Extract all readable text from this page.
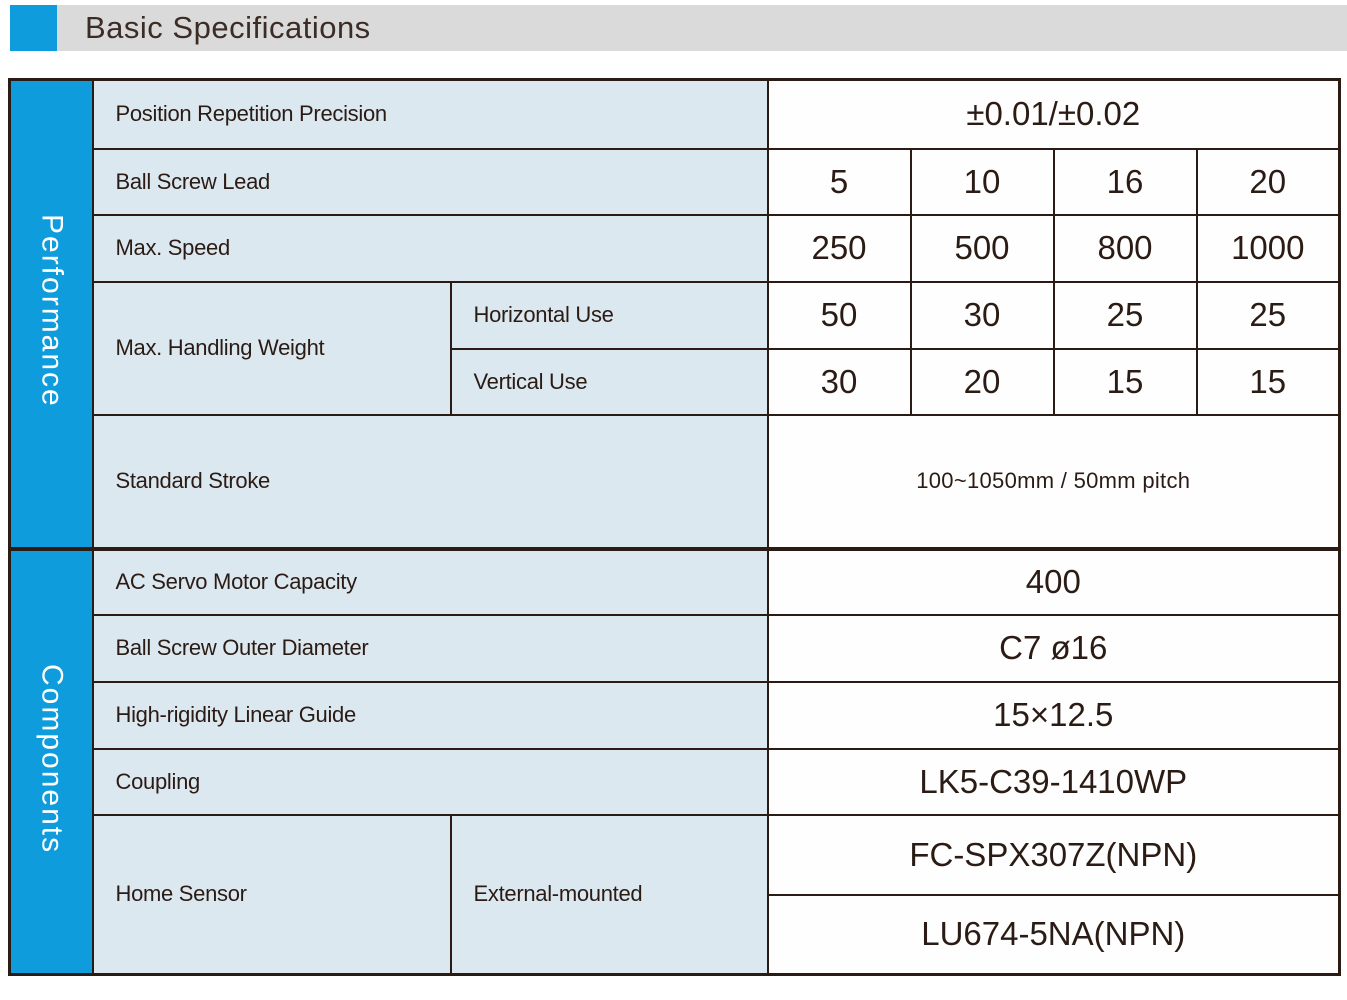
Basic Specifications
Performance	Position Repetition Precision		±0.01/±0.02			
	Ball Screw Lead		5	10	16	20
	Max. Speed		250	500	800	1000
	Max. Handling Weight	Horizontal Use	50	30	25	25
		Vertical Use	30	20	15	15
	Standard Stroke		100~1050mm / 50mm pitch			
Components	AC Servo Motor Capacity		400			
	Ball Screw Outer Diameter		C7 ø16			
	High-rigidity Linear Guide		15×12.5			
	Coupling		LK5-C39-1410WP			
	Home Sensor	External-mounted	FC-SPX307Z(NPN)			
			LU674-5NA(NPN)			
